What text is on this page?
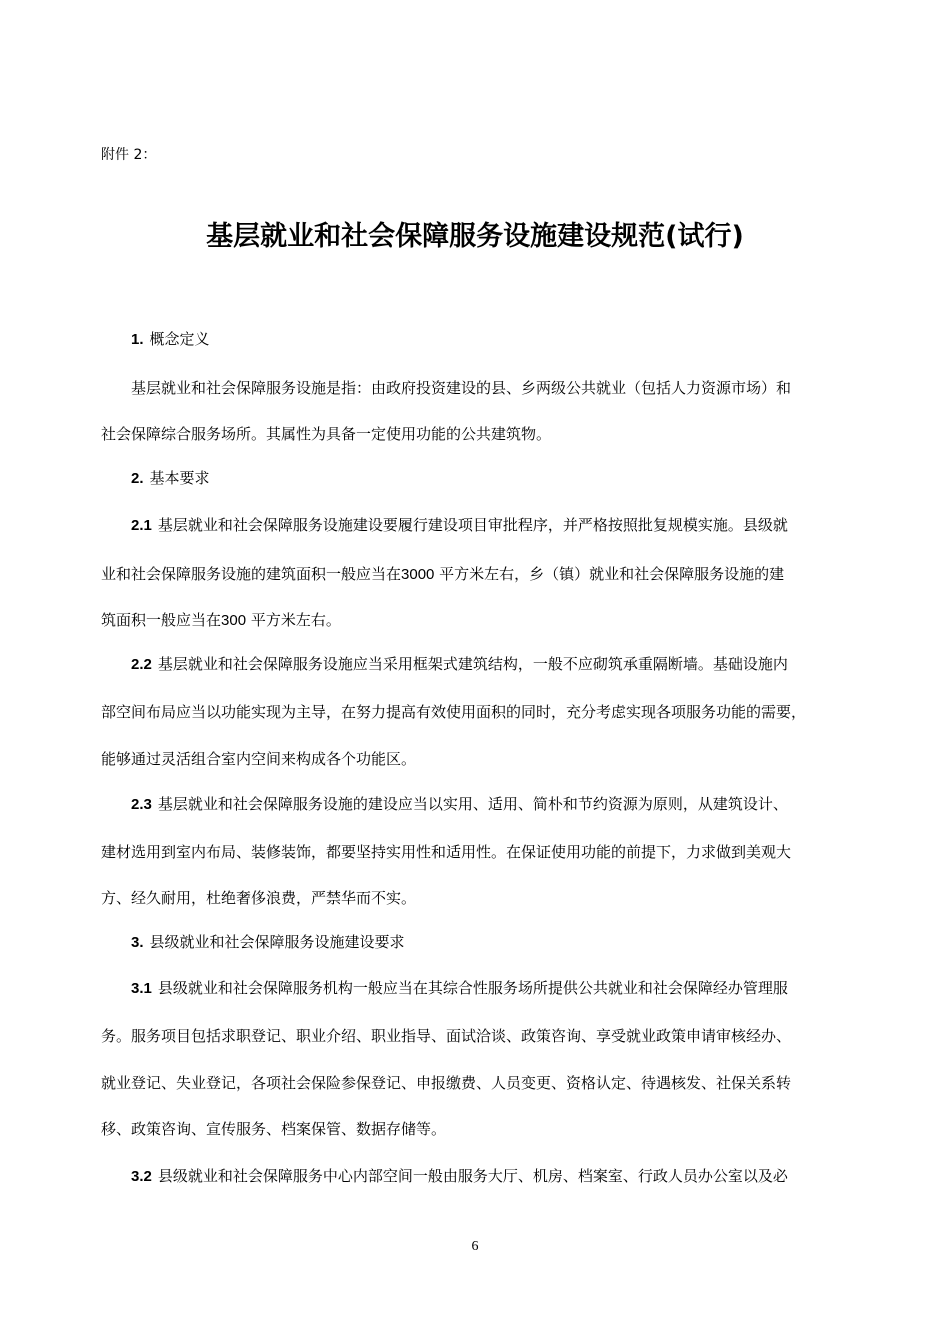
附件 2：
基层就业和社会保障服务设施建设规范(试行)
1. 概念定义
基层就业和社会保障服务设施是指：由政府投资建设的县、乡两级公共就业（包括人力资源市场）和
社会保障综合服务场所。其属性为具备一定使用功能的公共建筑物。
2. 基本要求
2.1 基层就业和社会保障服务设施建设要履行建设项目审批程序，并严格按照批复规模实施。县级就
业和社会保障服务设施的建筑面积一般应当在3000 平方米左右，乡（镇）就业和社会保障服务设施的建
筑面积一般应当在300 平方米左右。
2.2 基层就业和社会保障服务设施应当采用框架式建筑结构，一般不应砌筑承重隔断墙。基础设施内
部空间布局应当以功能实现为主导，在努力提高有效使用面积的同时，充分考虑实现各项服务功能的需要，
能够通过灵活组合室内空间来构成各个功能区。
2.3 基层就业和社会保障服务设施的建设应当以实用、适用、简朴和节约资源为原则，从建筑设计、
建材选用到室内布局、装修装饰，都要坚持实用性和适用性。在保证使用功能的前提下，力求做到美观大
方、经久耐用，杜绝奢侈浪费，严禁华而不实。
3. 县级就业和社会保障服务设施建设要求
3.1 县级就业和社会保障服务机构一般应当在其综合性服务场所提供公共就业和社会保障经办管理服
务。服务项目包括求职登记、职业介绍、职业指导、面试洽谈、政策咨询、享受就业政策申请审核经办、
就业登记、失业登记，各项社会保险参保登记、申报缴费、人员变更、资格认定、待遇核发、社保关系转
移、政策咨询、宣传服务、档案保管、数据存储等。
3.2 县级就业和社会保障服务中心内部空间一般由服务大厅、机房、档案室、行政人员办公室以及必
6
